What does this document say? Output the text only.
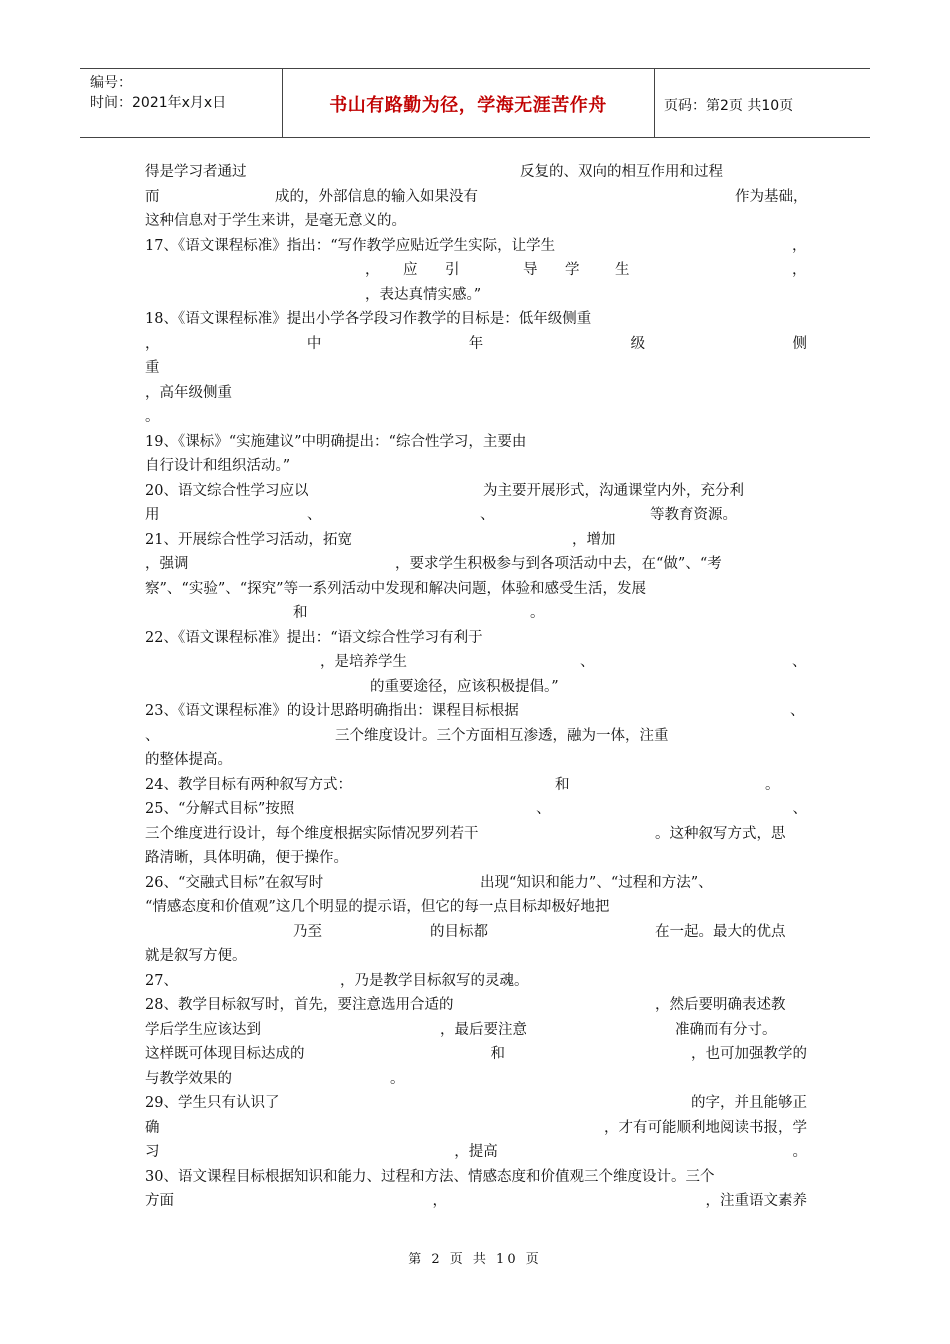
编号：
时间：2021年x月x日	书山有路勤为径，学海无涯苦作舟	页码：第2页 共10页
得是学习者通过	反复的、双向的相互作用和过程
而	成的，外部信息的输入如果没有	作为基础，
这种信息对于学生来讲，是毫无意义的。
17、《语文课程标准》指出：“写作教学应贴近学生实际，让学生	，
， 应 引	导 学 生	，
，表达真情实感。”
18、《语文课程标准》提出小学各学段习作教学的目标是：低年级侧重
，	中	年	级	侧
重
，高年级侧重
。
19、《课标》“实施建议”中明确提出：“综合性学习，主要由
自行设计和组织活动。”
20、语文综合性学习应以	为主要开展形式，沟通课堂内外，充分利
用	、	、	等教育资源。
21、开展综合性学习活动，拓宽	，增加
，强调	，要求学生积极参与到各项活动中去，在“做”、“考
察”、“实验”、“探究”等一系列活动中发现和解决问题，体验和感受生活，发展
和	。
22、《语文课程标准》提出：“语文综合性学习有利于
，是培养学生	、	、
的重要途径，应该积极提倡。”
23、《语文课程标准》的设计思路明确指出：课程目标根据	、
、	三个维度设计。三个方面相互渗透，融为一体，注重
的整体提高。
24、教学目标有两种叙写方式：	和	。
25、“分解式目标”按照	、	、
三个维度进行设计，每个维度根据实际情况罗列若干	。这种叙写方式，思
路清晰，具体明确，便于操作。
26、“交融式目标”在叙写时	出现“知识和能力”、“过程和方法”、
“情感态度和价值观”这几个明显的提示语，但它的每一点目标却极好地把
乃至	的目标都	在一起。最大的优点
就是叙写方便。
27、	，乃是教学目标叙写的灵魂。
28、教学目标叙写时，首先，要注意选用合适的	，然后要明确表述教
学后学生应该达到	，最后要注意	准确而有分寸。
这样既可体现目标达成的	和	，也可加强教学的
与教学效果的	。
29、学生只有认识了	的字，并且能够正
确	，才有可能顺利地阅读书报，学
习	，提高	。
30、语文课程目标根据知识和能力、过程和方法、情感态度和价值观三个维度设计。三个
方面	，	，注重语文素养
第 2 页 共 10 页
